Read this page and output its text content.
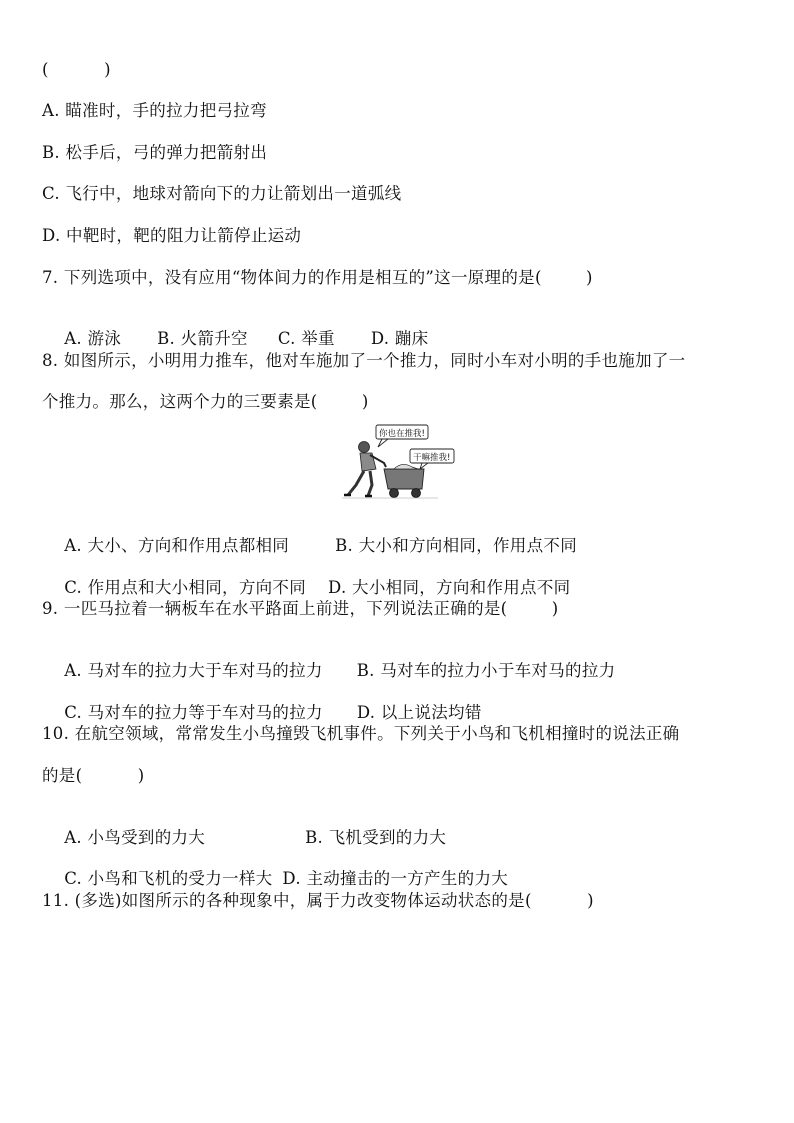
(          )
A. 瞄准时，手的拉力把弓拉弯
B. 松手后，弓的弹力把箭射出
C. 飞行中，地球对箭向下的力让箭划出一道弧线
D. 中靶时，靶的阻力让箭停止运动
7. 下列选项中，没有应用“物体间力的作用是相互的”这一原理的是(        )

A. 游泳 B. 火箭升空 C. 举重 D. 蹦床

8. 如图所示，小明用力推车，他对车施加了一个推力，同时小车对小明的手也施加了一
个推力。那么，这两个力的三要素是(        )
你也在推我!
干嘛推我!

A. 大小、方向和作用点都相同	B. 大小和方向相同，作用点不同

C. 作用点和大小相同，方向不同 D. 大小相同，方向和作用点不同

9. 一匹马拉着一辆板车在水平路面上前进，下列说法正确的是(        )

A. 马对车的拉力大于车对马的拉力 B. 马对车的拉力小于车对马的拉力

C. 马对车的拉力等于车对马的拉力 D. 以上说法均错

10. 在航空领域，常常发生小鸟撞毁飞机事件。下列关于小鸟和飞机相撞时的说法正确
的是(          )

A. 小鸟受到的力大	B. 飞机受到的力大

C. 小鸟和飞机的受力一样大 D. 主动撞击的一方产生的力大

11. (多选)如图所示的各种现象中，属于力改变物体运动状态的是(          )
